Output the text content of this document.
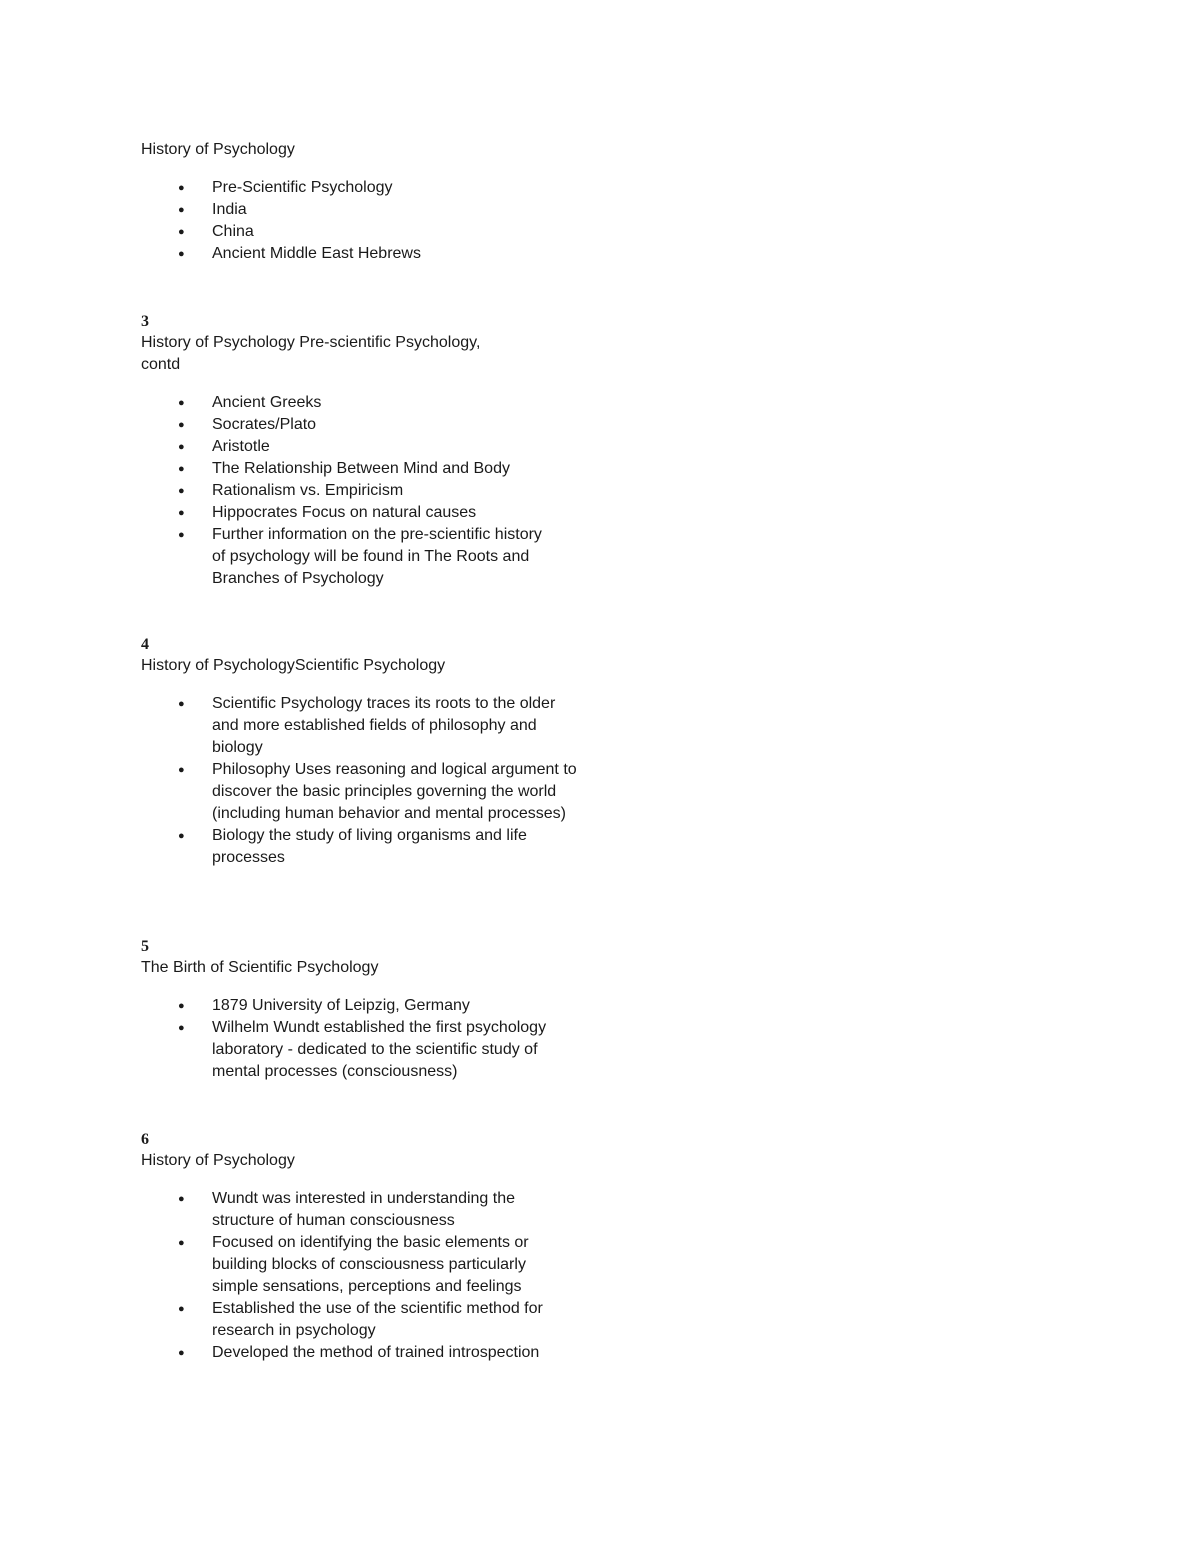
History of Psychology

● Pre-Scientific Psychology
● India
● China
● Ancient Middle East Hebrews

3

History of Psychology Pre-scientific Psychology, contd

● Ancient Greeks
● Socrates/Plato
● Aristotle
● The Relationship Between Mind and Body
● Rationalism vs. Empiricism
● Hippocrates Focus on natural causes
● Further information on the pre-scientific history of psychology will be found in The Roots and Branches of Psychology

4

History of PsychologyScientific Psychology

● Scientific Psychology traces its roots to the older and more established fields of philosophy and biology
● Philosophy Uses reasoning and logical argument to discover the basic principles governing the world (including human behavior and mental processes)
● Biology the study of living organisms and life processes

5

The Birth of Scientific Psychology

● 1879 University of Leipzig, Germany
● Wilhelm Wundt established the first psychology laboratory - dedicated to the scientific study of mental processes (consciousness)

6

History of Psychology

● Wundt was interested in understanding the structure of human consciousness
● Focused on identifying the basic elements or building blocks of consciousness particularly simple sensations, perceptions and feelings
● Established the use of the scientific method for research in psychology
● Developed the method of trained introspection
